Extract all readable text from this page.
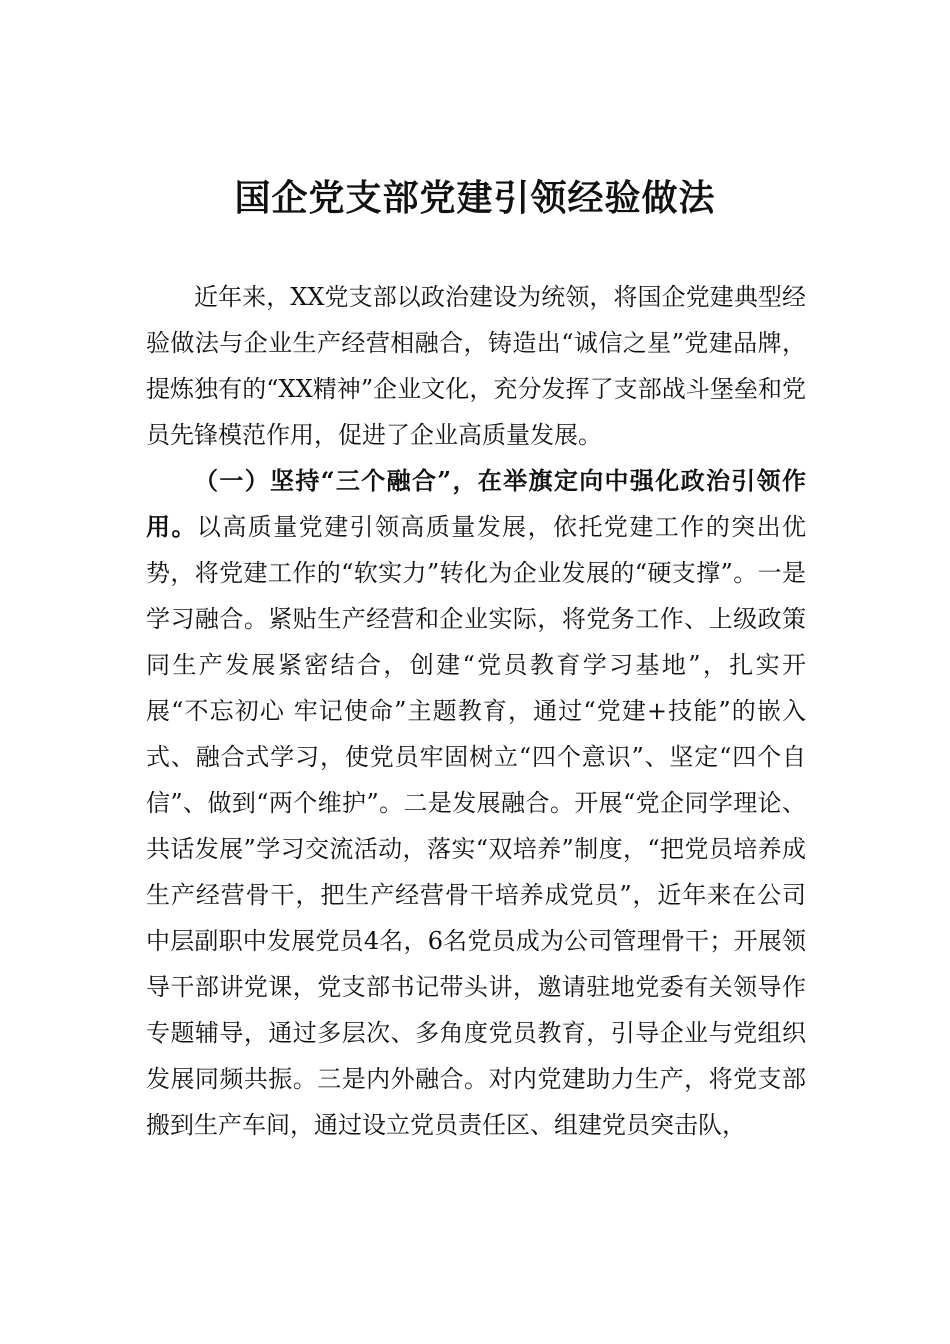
国企党支部党建引领经验做法

近年来，XX党支部以政治建设为统领，将国企党建典型经验做法与企业生产经营相融合，铸造出“诚信之星”党建品牌，提炼独有的“XX精神”企业文化，充分发挥了支部战斗堡垒和党员先锋模范作用，促进了企业高质量发展。

（一）坚持“三个融合”，在举旗定向中强化政治引领作用。以高质量党建引领高质量发展，依托党建工作的突出优势，将党建工作的“软实力”转化为企业发展的“硬支撑”。一是学习融合。紧贴生产经营和企业实际，将党务工作、上级政策同生产发展紧密结合，创建“党员教育学习基地”，扎实开展“不忘初心 牢记使命”主题教育，通过“党建+技能”的嵌入式、融合式学习，使党员牢固树立“四个意识”、坚定“四个自信”、做到“两个维护”。二是发展融合。开展“党企同学理论、共话发展”学习交流活动，落实“双培养”制度，“把党员培养成生产经营骨干，把生产经营骨干培养成党员”，近年来在公司中层副职中发展党员4名，6名党员成为公司管理骨干；开展领导干部讲党课，党支部书记带头讲，邀请驻地党委有关领导作专题辅导，通过多层次、多角度党员教育，引导企业与党组织发展同频共振。三是内外融合。对内党建助力生产，将党支部搬到生产车间，通过设立党员责任区、组建党员突击队，
